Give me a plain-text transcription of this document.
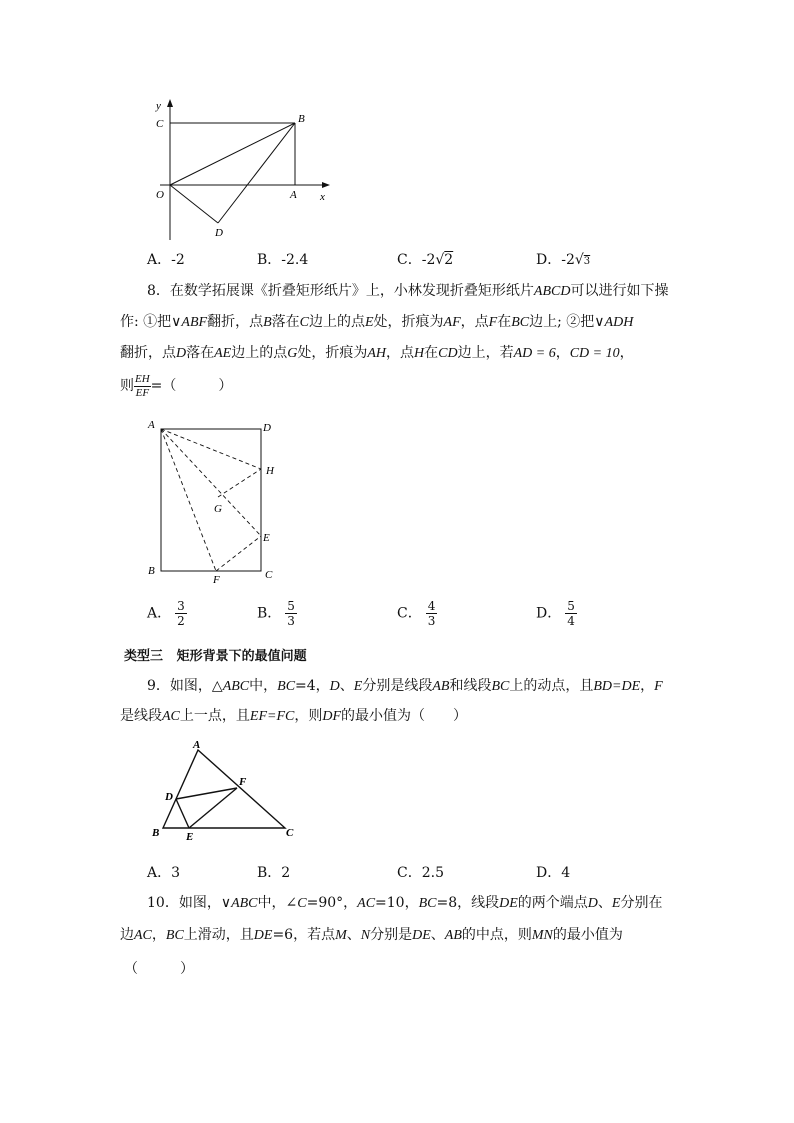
y
C	B
O	A x
D
A．-2	B．-2.4	C．-2√2	D．-2√3
8．在数学拓展课《折叠矩形纸片》上，小林发现折叠矩形纸片ABCD可以进行如下操
作: ①把∨ABF翻折，点B落在C边上的点E处，折痕为AF，点F在BC边上; ②把∨ADH
翻折，点D落在AE边上的点G处，折痕为AH，点H在CD边上，若AD = 6，CD = 10，
则 $\frac{EH}{EF}$ =（　　　）
A	D
H
G
E
B
F	C
A． $\frac{3}{2}$	B． $\frac{5}{3}$	C． $\frac{4}{3}$	D． $\frac{5}{4}$
类型三 矩形背景下的最值问题
9．如图，△ABC中，BC=4，D、E分别是线段AB和线段BC上的动点，且BD=DE，F
是线段AC上一点，且EF=FC，则DF的最小值为（　　）
A
F
D
B E	C
A．3	B．2	C．2.5	D．4
10．如图，∨ABC中，∠C=90°，AC=10，BC=8，线段DE的两个端点D、E分别在
边AC，BC上滑动，且DE=6，若点M、N分别是DE、AB的中点，则MN的最小值为
（　　　）
